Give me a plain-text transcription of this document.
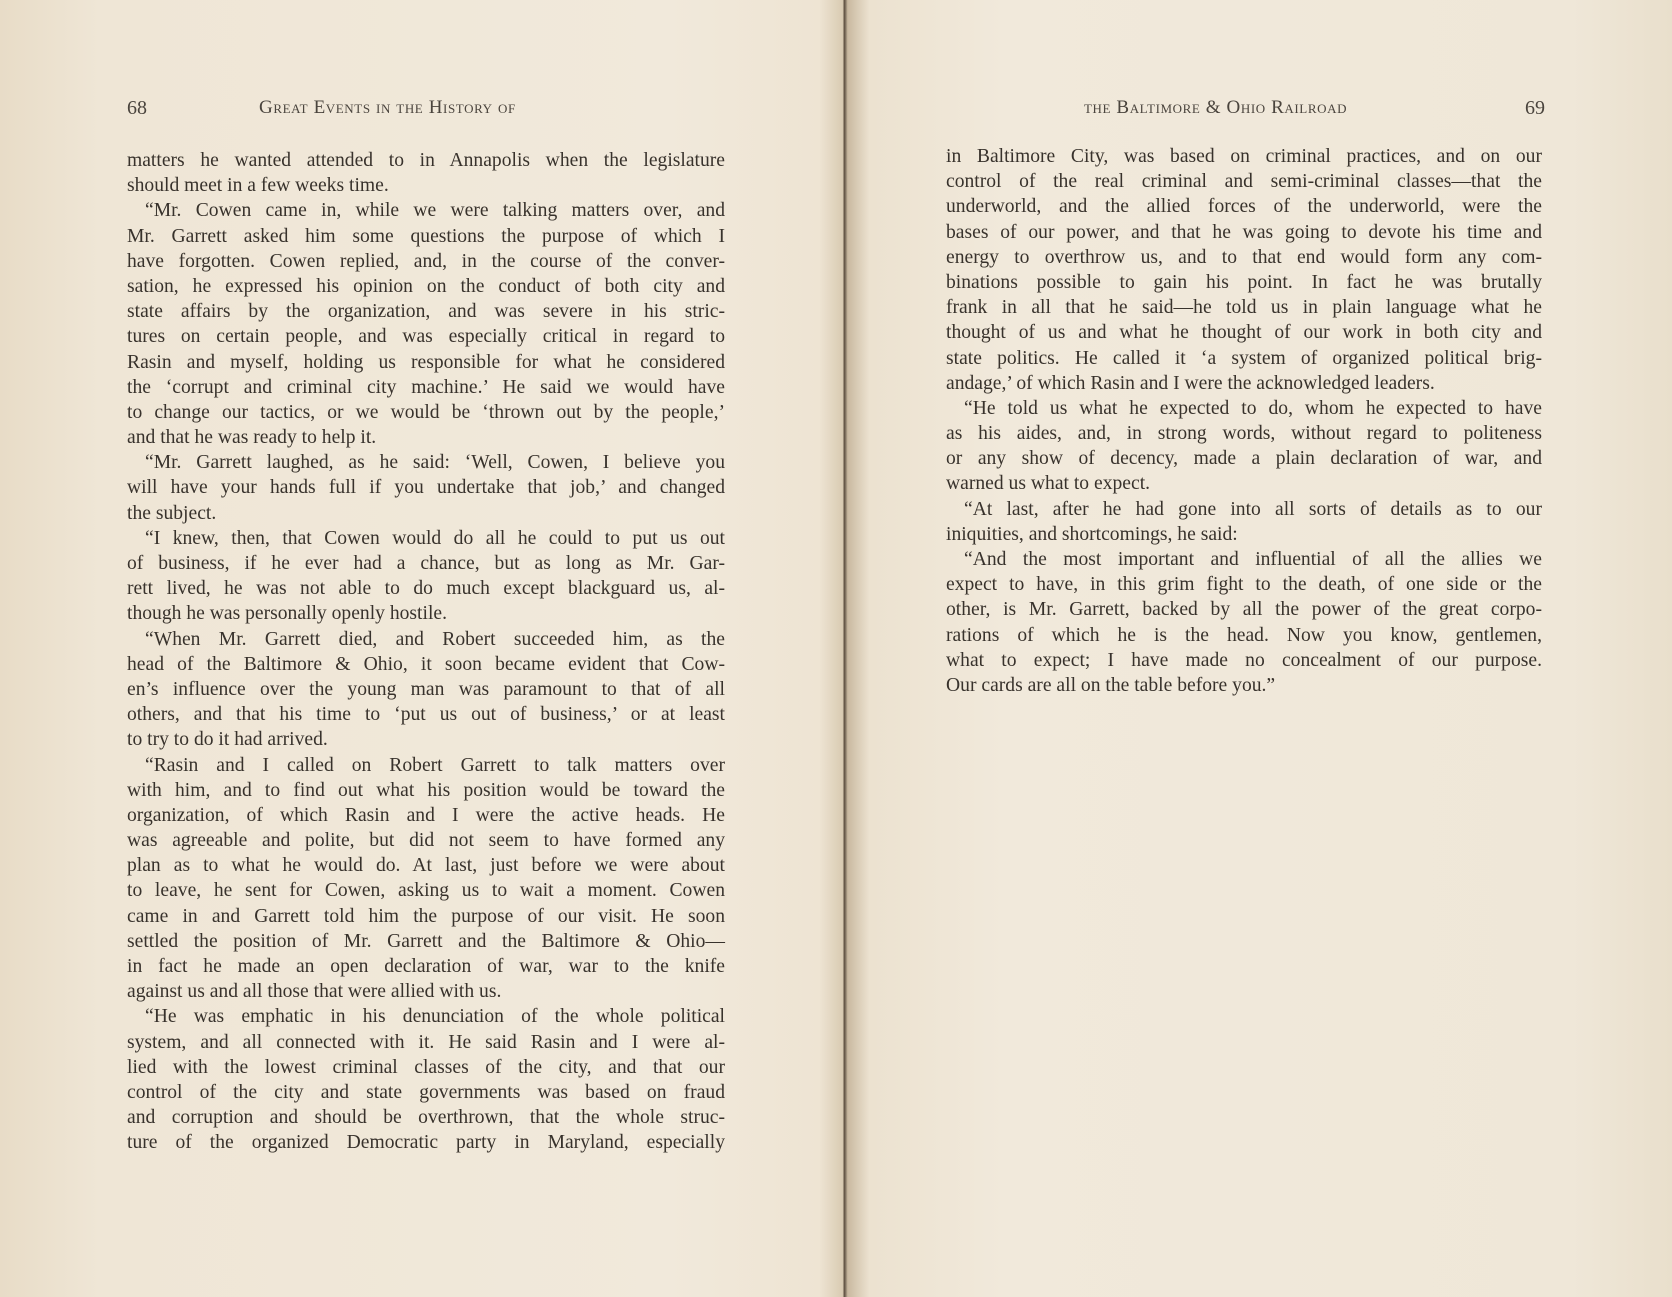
68	Great Events in the History of
matters he wanted attended to in Annapolis when the legislature
should meet in a few weeks time.
“Mr. Cowen came in, while we were talking matters over, and
Mr. Garrett asked him some questions the purpose of which I
have forgotten. Cowen replied, and, in the course of the conver-
sation, he expressed his opinion on the conduct of both city and
state affairs by the organization, and was severe in his stric-
tures on certain people, and was especially critical in regard to
Rasin and myself, holding us responsible for what he considered
the ‘corrupt and criminal city machine.’ He said we would have
to change our tactics, or we would be ‘thrown out by the people,’
and that he was ready to help it.
“Mr. Garrett laughed, as he said: ‘Well, Cowen, I believe you
will have your hands full if you undertake that job,’ and changed
the subject.
“I knew, then, that Cowen would do all he could to put us out
of business, if he ever had a chance, but as long as Mr. Gar-
rett lived, he was not able to do much except blackguard us, al-
though he was personally openly hostile.
“When Mr. Garrett died, and Robert succeeded him, as the
head of the Baltimore & Ohio, it soon became evident that Cow-
en’s influence over the young man was paramount to that of all
others, and that his time to ‘put us out of business,’ or at least
to try to do it had arrived.
“Rasin and I called on Robert Garrett to talk matters over
with him, and to find out what his position would be toward the
organization, of which Rasin and I were the active heads. He
was agreeable and polite, but did not seem to have formed any
plan as to what he would do. At last, just before we were about
to leave, he sent for Cowen, asking us to wait a moment. Cowen
came in and Garrett told him the purpose of our visit. He soon
settled the position of Mr. Garrett and the Baltimore & Ohio—
in fact he made an open declaration of war, war to the knife
against us and all those that were allied with us.
“He was emphatic in his denunciation of the whole political
system, and all connected with it. He said Rasin and I were al-
lied with the lowest criminal classes of the city, and that our
control of the city and state governments was based on fraud
and corruption and should be overthrown, that the whole struc-
ture of the organized Democratic party in Maryland, especially
the Baltimore & Ohio Railroad	69
in Baltimore City, was based on criminal practices, and on our
control of the real criminal and semi-criminal classes—that the
underworld, and the allied forces of the underworld, were the
bases of our power, and that he was going to devote his time and
energy to overthrow us, and to that end would form any com-
binations possible to gain his point. In fact he was brutally
frank in all that he said—he told us in plain language what he
thought of us and what he thought of our work in both city and
state politics. He called it ‘a system of organized political brig-
andage,’ of which Rasin and I were the acknowledged leaders.
“He told us what he expected to do, whom he expected to have
as his aides, and, in strong words, without regard to politeness
or any show of decency, made a plain declaration of war, and
warned us what to expect.
“At last, after he had gone into all sorts of details as to our
iniquities, and shortcomings, he said:
“And the most important and influential of all the allies we
expect to have, in this grim fight to the death, of one side or the
other, is Mr. Garrett, backed by all the power of the great corpo-
rations of which he is the head. Now you know, gentlemen,
what to expect; I have made no concealment of our purpose.
Our cards are all on the table before you.”
